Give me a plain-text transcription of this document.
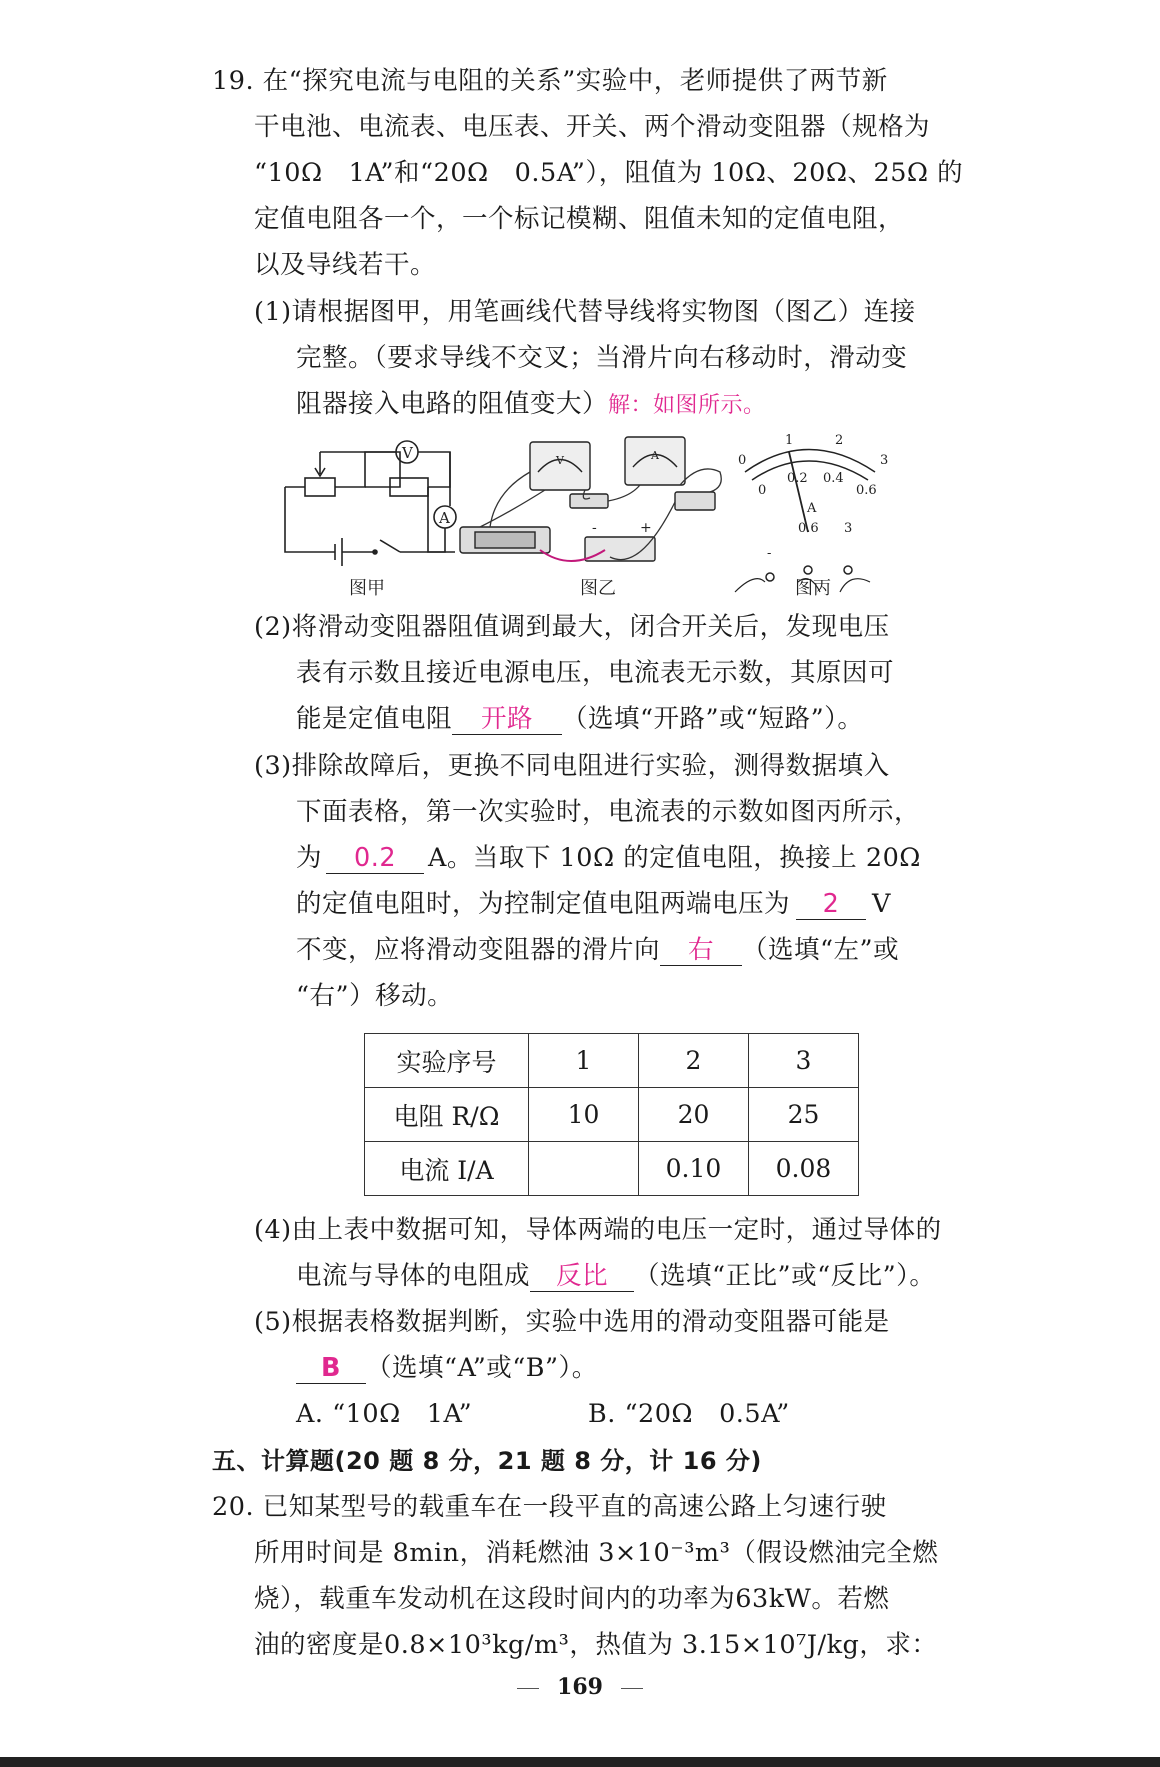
19. 在“探究电流与电阻的关系”实验中，老师提供了两节新
干电池、电流表、电压表、开关、两个滑动变阻器（规格为
“10Ω　1A”和“20Ω　0.5A”），阻值为 10Ω、20Ω、25Ω 的
定值电阻各一个，一个标记模糊、阻值未知的定值电阻，
以及导线若干。
(1)请根据图甲，用笔画线代替导线将实物图（图乙）连接
完整。（要求导线不交叉；当滑片向右移动时，滑动变
阻器接入电路的阻值变大）解：如图所示。
V
A
-	+
V	A	0
1	2
3
0
0.2 0.4
0.6
A
-
0.6 3
图甲	图乙	图丙
(2)将滑动变阻器阻值调到最大，闭合开关后，发现电压
表有示数且接近电源电压，电流表无示数，其原因可
能是定值电阻 开路 （选填“开路”或“短路”）。
(3)排除故障后，更换不同电阻进行实验，测得数据填入
下面表格，第一次实验时，电流表的示数如图丙所示，
为 0.2 A。当取下 10Ω 的定值电阻，换接上 20Ω
的定值电阻时，为控制定值电阻两端电压为 2 V
不变，应将滑动变阻器的滑片向 右 （选填“左”或
“右”）移动。
实验序号	1	2	3
电阻 R/Ω	10	20	25
电流 I/A		0.10	0.08
(4)由上表中数据可知，导体两端的电压一定时，通过导体的
电流与导体的电阻成 反比 （选填“正比”或“反比”）。
(5)根据表格数据判断，实验中选用的滑动变阻器可能是
B （选填“A”或“B”）。
A. “10Ω　1A”	B. “20Ω　0.5A”
五、计算题(20 题 8 分，21 题 8 分，计 16 分)
20. 已知某型号的载重车在一段平直的高速公路上匀速行驶
所用时间是 8min，消耗燃油 3×10⁻³m³（假设燃油完全燃
烧），载重车发动机在这段时间内的功率为63kW。若燃
油的密度是0.8×10³kg/m³，热值为 3.15×10⁷J/kg，求：
169
